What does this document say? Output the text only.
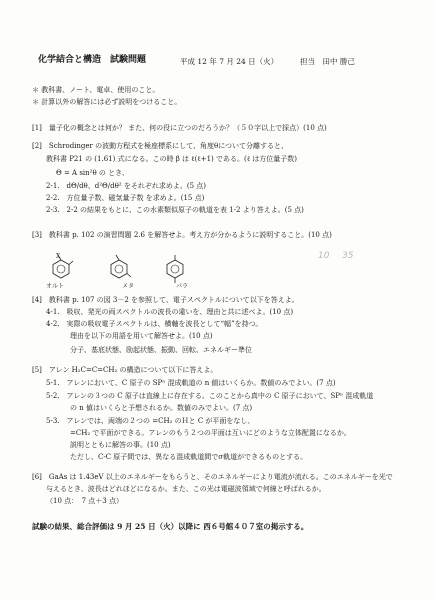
化学結合と構造　試験問題	平成 12 年 7 月 24 日（火）	担当　田中 勝己
＊ 教科書、ノート、電卓、使用のこと。
＊ 計算以外の解答には必ず説明をつけること。
[1]　量子化の概念とは何か？ また、何の役に立つのだろうか？（５０字以上で採点）(10 点)
[2]　Schrodinger の波動方程式を極座標系にして、角度θについて分離すると、
教科書 P21 の (1.61) 式になる。この時 β は ℓ(ℓ+1) である。(ℓ は方位量子数)
Θ = A sin²θ の とき、
2-1.　dΘ/dθ、d²Θ/dθ² をそれぞれ求めよ。(5 点)
2-2.　方位量子数、磁気量子数 を求めよ。(15 点)
2-3.　2-2 の結果をもとに、この水素類似原子の軌道を表 1-2 より答えよ。(5 点)
[3]　教科書 p. 102 の演習問題 2.6 を解答せよ。考え方が分かるように説明すること。(10 点)
10 35
X
オルト	メタ	パラ
[4]　教科書 p. 107 の図 3－2 を参照して、電子スペクトルについて以下を答えよ。
4-1.　吸収、発光の両スペクトルの波長の違いを、理由と共に述べよ。(10 点)
4-2.　実際の吸収電子スペクトルは、横軸を波長として“幅”を持つ。
理由を以下の用語を用いて解答せよ。(10 点)
分子、基底状態、励起状態、振動、回転、エネルギー準位
[5]　アレン H₂C=C=CH₂ の構造について以下に答えよ。
5-1.　アレンにおいて、C 原子の SPⁿ 混成軌道の n 値はいくらか。数値のみでよい。(7 点)
5-2.　アレンの３つの C 原子は直線上に存在する。このことから真中の C 原子において、SPⁿ 混成軌道
の n 値はいくらと予想されるか。数値のみでよい。(7 点)
5-3.　アレンでは、両端の２つの =CH₂ のＨと C が平面をなし、
=CH₂ で平面ができる。アレンのもう２つの平面は互いにどのような立体配置になるか。
説明とともに解答の事。(10 点)
ただし、C-C 原子間では、異なる混成軌道間でσ軌道ができるものとする。
[6]　GaAs は 1.43eV 以上のエネルギーをもらうと、そのエネルギーにより電流が流れる。このエネルギーを光で
与えるとき、波長はどれほどになるか。また、この光は電磁波領域で何線と呼ばれるか。
（10 点：　7 点＋3 点）
試験の結果、総合評価は 9 月 25 日（火）以降に 西６号館４０７室の掲示する。
